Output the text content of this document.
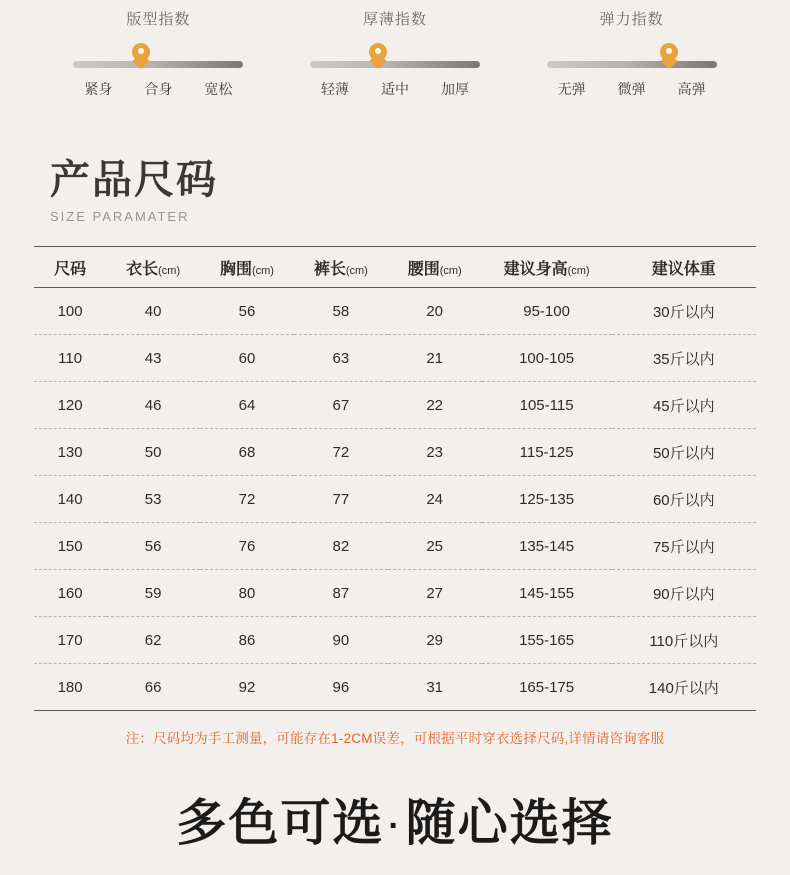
版型指数
紧身	合身	宽松
厚薄指数
轻薄	适中	加厚
弹力指数
无弹	微弹	高弹
产品尺码
SIZE PARAMATER
尺码	衣长(cm)	胸围(cm)	裤长(cm)	腰围(cm)	建议身高(cm)	建议体重
100	40	56	58	20	95-100	30斤以内
110	43	60	63	21	100-105	35斤以内
120	46	64	67	22	105-115	45斤以内
130	50	68	72	23	115-125	50斤以内
140	53	72	77	24	125-135	60斤以内
150	56	76	82	25	135-145	75斤以内
160	59	80	87	27	145-155	90斤以内
170	62	86	90	29	155-165	110斤以内
180	66	92	96	31	165-175	140斤以内
注：尺码均为手工测量，可能存在1-2CM误差，可根据平时穿衣选择尺码,详情请咨询客服
多色可选 ·随心选择
